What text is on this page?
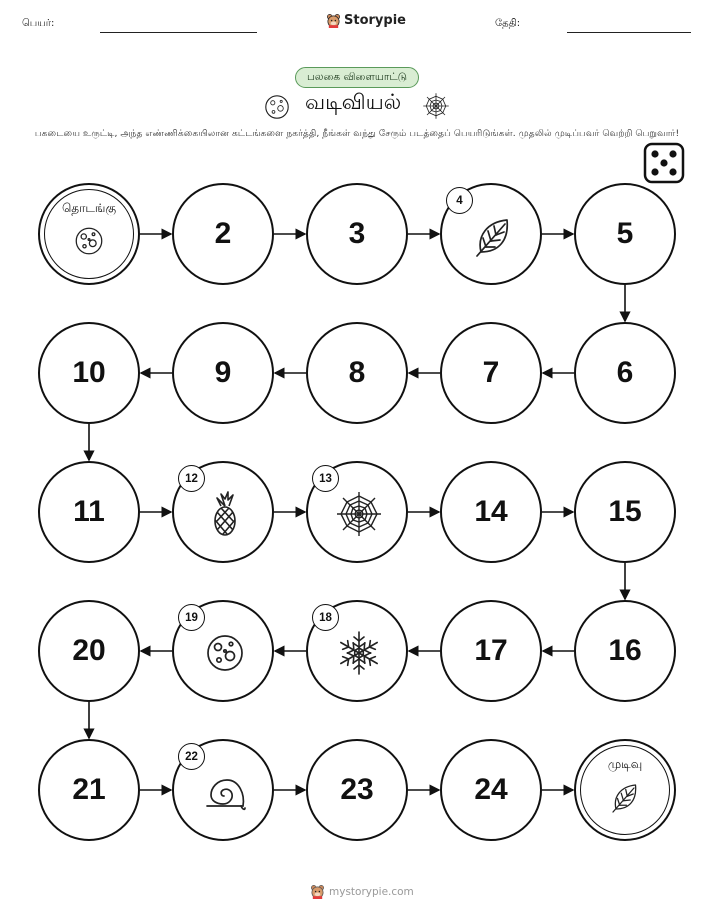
பெயர்:	Storypie	தேதி:
பலகை விளையாட்டு
வடிவியல்
பகடையை உருட்டி, அந்த எண்ணிக்கையிலான கட்டங்களை நகர்த்தி, நீங்கள் வந்து சேரும் படத்தைப் பெயரிடுங்கள். முதலில் முடிப்பவர் வெற்றி பெறுவார்!
தொடங்கு
2	3
4
5
6
7
8
9
10
11
12	13
14	15
16
17
18
19
20
21
22
23	24
முடிவு
mystorypie.com
